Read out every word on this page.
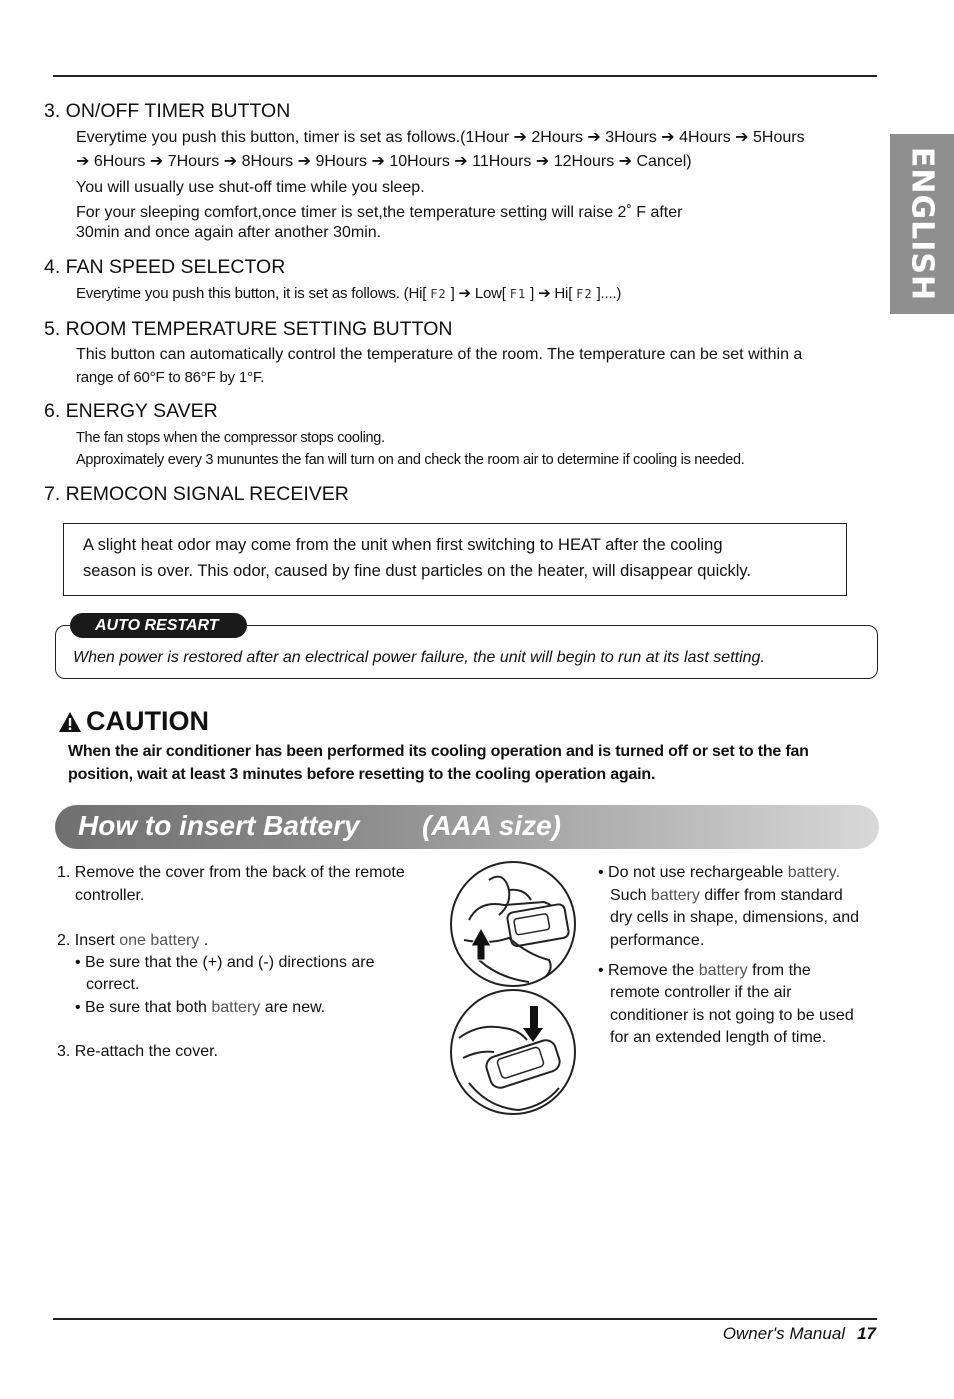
ENGLISH
3. ON/OFF TIMER BUTTON
Everytime you push this button, timer is set as follows.(1Hour ➔ 2Hours ➔ 3Hours ➔ 4Hours ➔ 5Hours
➔ 6Hours ➔ 7Hours ➔ 8Hours ➔ 9Hours ➔ 10Hours ➔ 11Hours ➔ 12Hours ➔ Cancel)
You will usually use shut-off time while you sleep.
For your sleeping comfort,once timer is set,the temperature setting will raise 2˚ F after
30min and once again after another 30min.
4. FAN SPEED SELECTOR
Everytime you push this button, it is set as follows. (Hi[ F2 ] ➔ Low[ F1 ] ➔ Hi[ F2 ]....)
5. ROOM TEMPERATURE SETTING BUTTON
This button can automatically control the temperature of the room. The temperature can be set within a
range of 60°F to 86°F by 1°F.
6. ENERGY SAVER
The fan stops when the compressor stops cooling.
Approximately every 3 mununtes the fan will turn on and check the room air to determine if cooling is needed.
7. REMOCON SIGNAL RECEIVER
A slight heat odor may come from the unit when first switching to HEAT after the cooling
season is over. This odor, caused by fine dust particles on the heater, will disappear quickly.
AUTO RESTART
When power is restored after an electrical power failure, the unit will begin to run at its last setting.
CAUTION
When the air conditioner has been performed its cooling operation and is turned off or set to the fan
position, wait at least 3 minutes before resetting to the cooling operation again.
How to insert Battery (AAA size)
1. Remove the cover from the back of the remote
controller.
2. Insert one battery .
• Be sure that the (+) and (-) directions are
correct.
• Be sure that both battery are new.
3. Re-attach the cover.
• Do not use rechargeable battery.
Such battery differ from standard
dry cells in shape, dimensions, and
performance.
• Remove the battery from the
remote controller if the air
conditioner is not going to be used
for an extended length of time.
Owner's Manual 17
